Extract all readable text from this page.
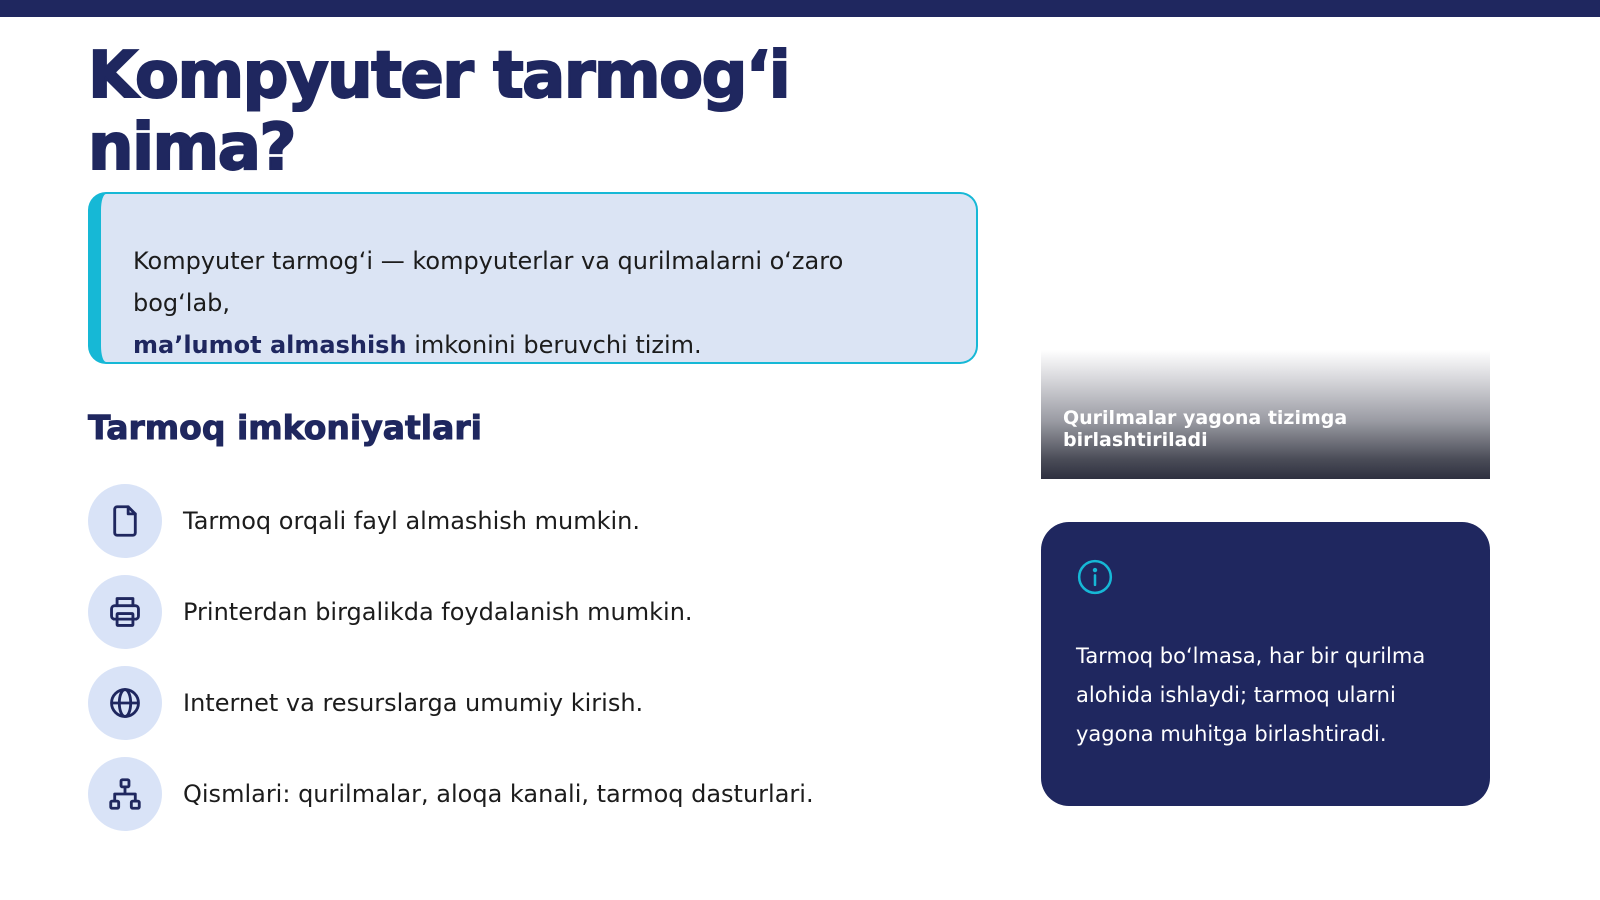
Kompyuter tarmog‘i
nima?
Kompyuter tarmog‘i — kompyuterlar va qurilmalarni o‘zaro bog‘lab,
ma’lumot almashish imkonini beruvchi tizim.
Tarmoq imkoniyatlari
Tarmoq orqali fayl almashish mumkin.
Printerdan birgalikda foydalanish mumkin.
Internet va resurslarga umumiy kirish.
Qismlari: qurilmalar, aloqa kanali, tarmoq dasturlari.
Qurilmalar yagona tizimga birlashtiriladi
Tarmoq bo‘lmasa, har bir qurilma alohida ishlaydi; tarmoq ularni yagona muhitga birlashtiradi.
